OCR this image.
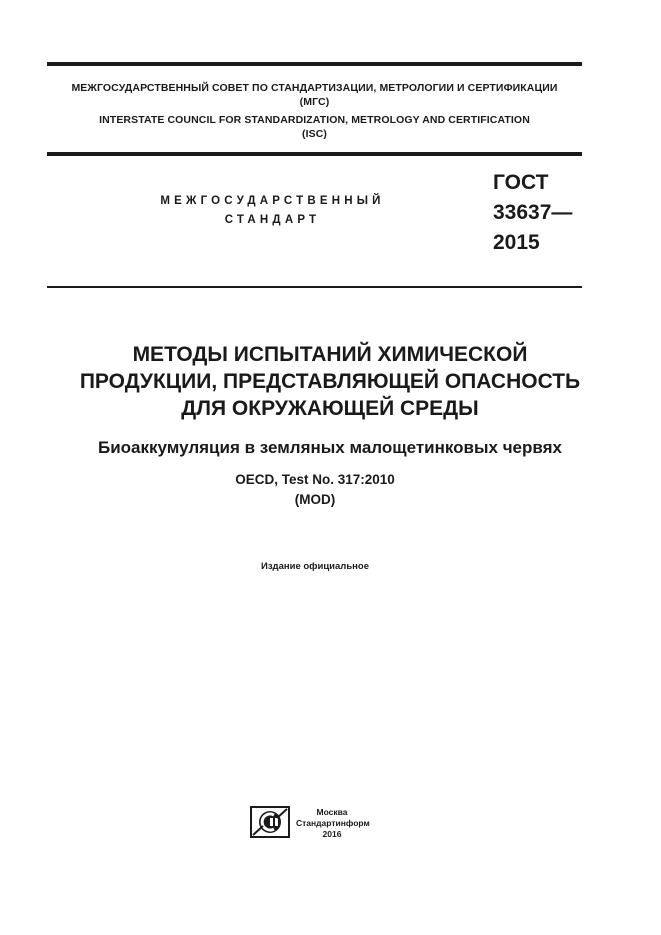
МЕЖГОСУДАРСТВЕННЫЙ СОВЕТ ПО СТАНДАРТИЗАЦИИ, МЕТРОЛОГИИ И СЕРТИФИКАЦИИ
(МГС)
INTERSTATE COUNCIL FOR STANDARDIZATION, METROLOGY AND CERTIFICATION
(ISC)
МЕЖГОСУДАРСТВЕННЫЙ
СТАНДАРТ
ГОСТ
33637—
2015
МЕТОДЫ ИСПЫТАНИЙ ХИМИЧЕСКОЙ
ПРОДУКЦИИ, ПРЕДСТАВЛЯЮЩЕЙ ОПАСНОСТЬ
ДЛЯ ОКРУЖАЮЩЕЙ СРЕДЫ
Биоаккумуляция в земляных малощетинковых червях
OECD, Test No. 317:2010
(MOD)
Издание официальное
Москва
Стандартинформ
2016
